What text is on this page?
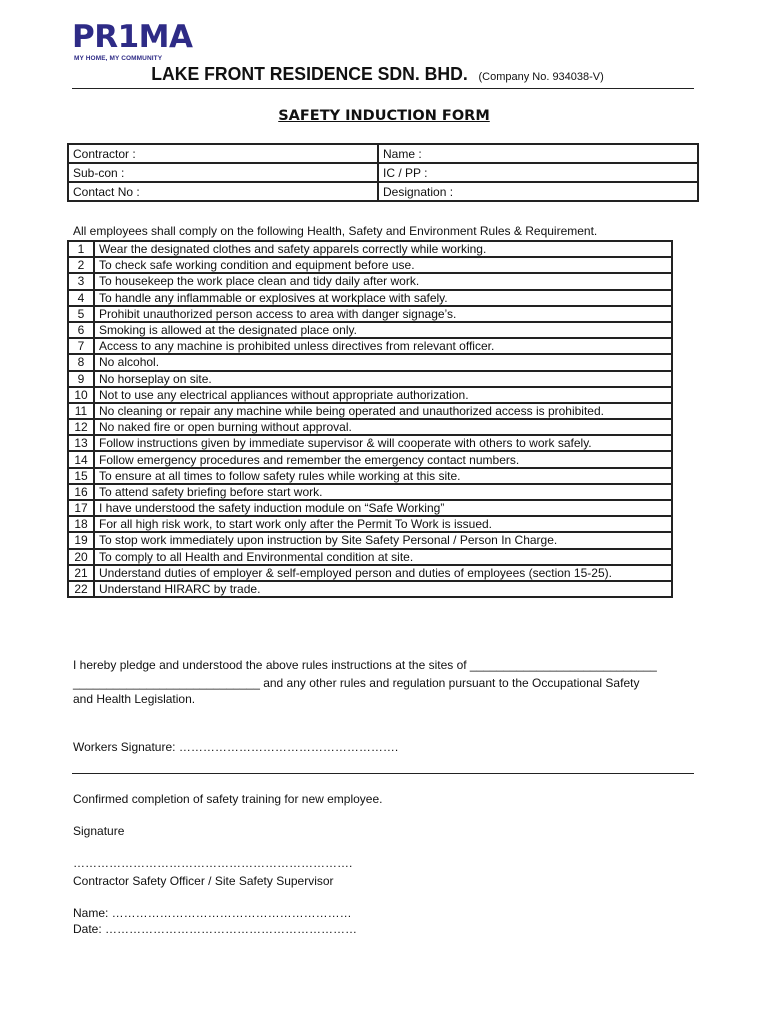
PR1MA
MY HOME, MY COMMUNITY
LAKE FRONT RESIDENCE SDN. BHD. (Company No. 934038-V)
SAFETY INDUCTION FORM
Contractor :	Name :
Sub-con :	IC / PP :
Contact No :	Designation :
All employees shall comply on the following Health, Safety and Environment Rules & Requirement.
1	Wear the designated clothes and safety apparels correctly while working.
2	To check safe working condition and equipment before use.
3	To housekeep the work place clean and tidy daily after work.
4	To handle any inflammable or explosives at workplace with safely.
5	Prohibit unauthorized person access to area with danger signage’s.
6	Smoking is allowed at the designated place only.
7	Access to any machine is prohibited unless directives from relevant officer.
8	No alcohol.
9	No horseplay on site.
10	Not to use any electrical appliances without appropriate authorization.
11	No cleaning or repair any machine while being operated and unauthorized access is prohibited.
12	No naked fire or open burning without approval.
13	Follow instructions given by immediate supervisor & will cooperate with others to work safely.
14	Follow emergency procedures and remember the emergency contact numbers.
15	To ensure at all times to follow safety rules while working at this site.
16	To attend safety briefing before start work.
17	I have understood the safety induction module on “Safe Working”
18	For all high risk work, to start work only after the Permit To Work is issued.
19	To stop work immediately upon instruction by Site Safety Personal / Person In Charge.
20	To comply to all Health and Environmental condition at site.
21	Understand duties of employer & self-employed person and duties of employees (section 15-25).
22	Understand HIRARC by trade.
I hereby pledge and understood the above rules instructions at the sites of ____________________________
____________________________ and any other rules and regulation pursuant to the Occupational Safety
and Health Legislation.
Workers Signature: ……………………………………………….
Confirmed completion of safety training for new employee.
Signature
…………………………………………………………….
Contractor Safety Officer / Site Safety Supervisor
Name: ……………………………………………………
Date: ………………………………………………………
